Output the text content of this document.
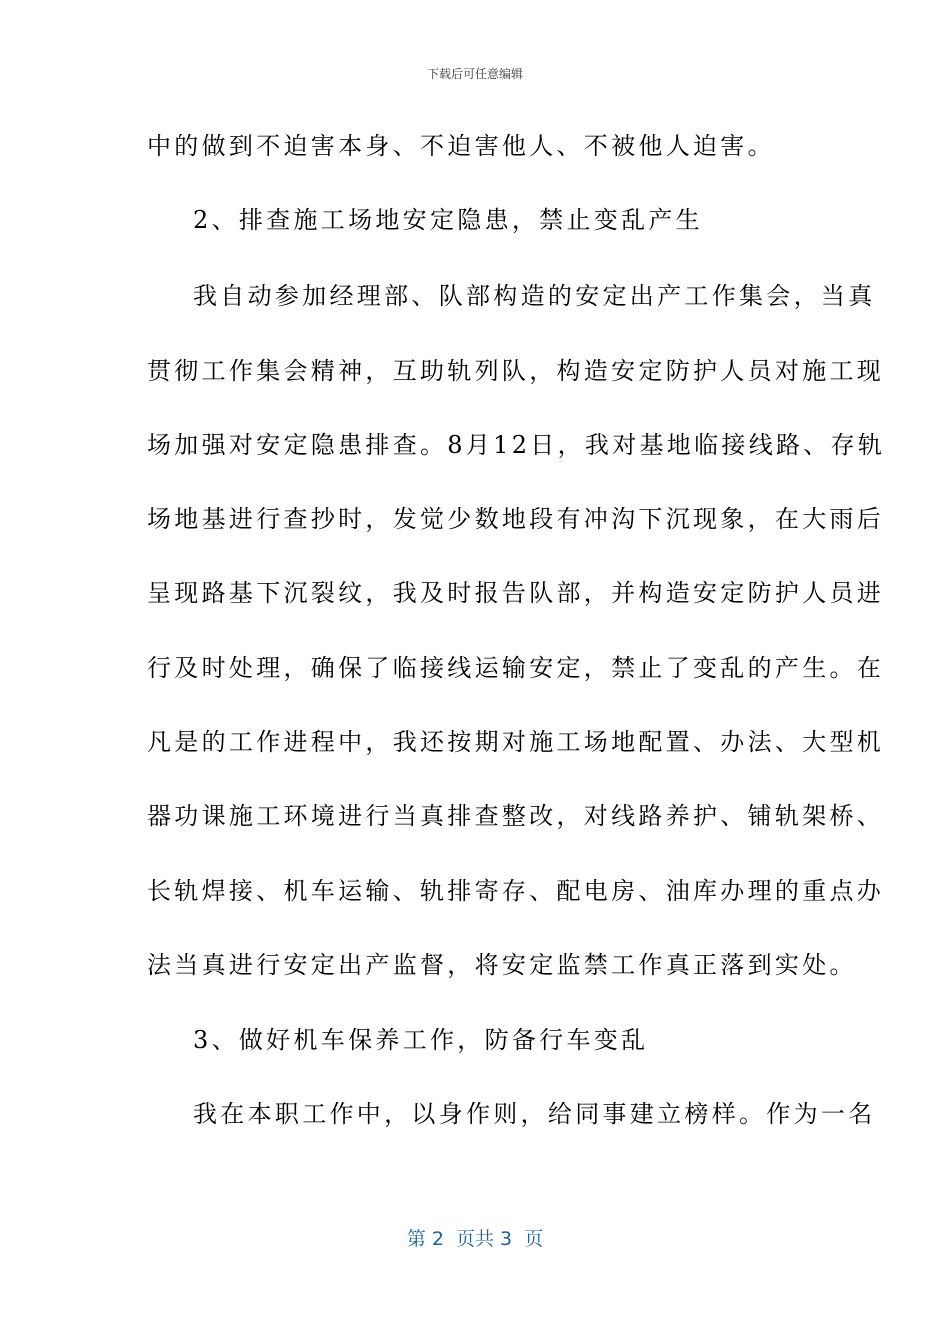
下载后可任意编辑
中的做到不迫害本身、不迫害他人、不被他人迫害。
2、排查施工场地安定隐患，禁止变乱产生
我自动参加经理部、队部构造的安定出产工作集会，当真
贯彻工作集会精神，互助轨列队，构造安定防护人员对施工现
场加强对安定隐患排查。8月12日，我对基地临接线路、存轨
场地基进行查抄时，发觉少数地段有冲沟下沉现象，在大雨后
呈现路基下沉裂纹，我及时报告队部，并构造安定防护人员进
行及时处理，确保了临接线运输安定，禁止了变乱的产生。在
凡是的工作进程中，我还按期对施工场地配置、办法、大型机
器功课施工环境进行当真排查整改，对线路养护、铺轨架桥、
长轨焊接、机车运输、轨排寄存、配电房、油库办理的重点办
法当真进行安定出产监督，将安定监禁工作真正落到实处。
3、做好机车保养工作，防备行车变乱
我在本职工作中，以身作则，给同事建立榜样。作为一名
第 2  页共 3  页
